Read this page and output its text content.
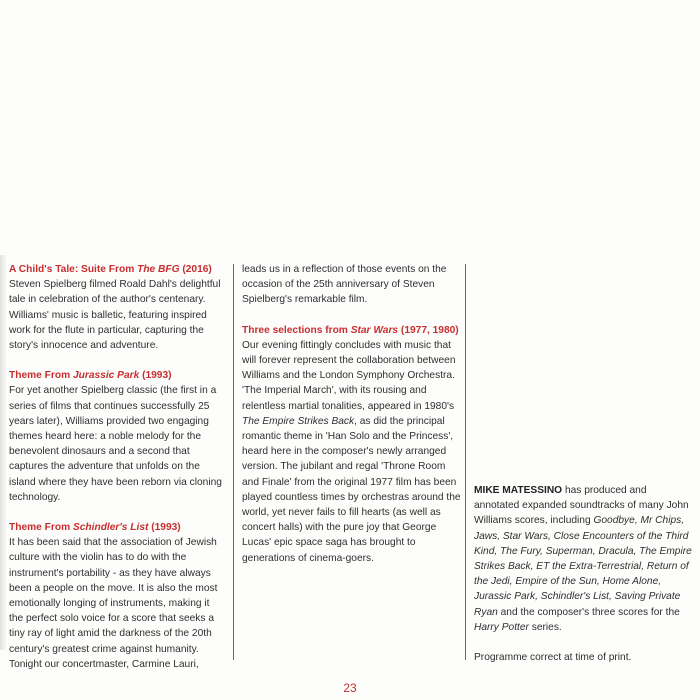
A Child's Tale: Suite From The BFG (2016)

Steven Spielberg filmed Roald Dahl's delightful tale in celebration of the author's centenary. Williams' music is balletic, featuring inspired work for the flute in particular, capturing the story's innocence and adventure.

Theme From Jurassic Park (1993)

For yet another Spielberg classic (the first in a series of films that continues successfully 25 years later), Williams provided two engaging themes heard here: a noble melody for the benevolent dinosaurs and a second that captures the adventure that unfolds on the island where they have been reborn via cloning technology.

Theme From Schindler's List (1993)

It has been said that the association of Jewish culture with the violin has to do with the instrument's portability - as they have always been a people on the move. It is also the most emotionally longing of instruments, making it the perfect solo voice for a score that seeks a tiny ray of light amid the darkness of the 20th century's greatest crime against humanity. Tonight our concertmaster, Carmine Lauri,

leads us in a reflection of those events on the occasion of the 25th anniversary of Steven Spielberg's remarkable film.

Three selections from Star Wars (1977, 1980)

Our evening fittingly concludes with music that will forever represent the collaboration between Williams and the London Symphony Orchestra. 'The Imperial March', with its rousing and relentless martial tonalities, appeared in 1980's The Empire Strikes Back, as did the principal romantic theme in 'Han Solo and the Princess', heard here in the composer's newly arranged version. The jubilant and regal 'Throne Room and Finale' from the original 1977 film has been played countless times by orchestras around the world, yet never fails to fill hearts (as well as concert halls) with the pure joy that George Lucas' epic space saga has brought to generations of cinema-goers.

MIKE MATESSINO has produced and annotated expanded soundtracks of many John Williams scores, including Goodbye, Mr Chips, Jaws, Star Wars, Close Encounters of the Third Kind, The Fury, Superman, Dracula, The Empire Strikes Back, ET the Extra-Terrestrial, Return of the Jedi, Empire of the Sun, Home Alone, Jurassic Park, Schindler's List, Saving Private Ryan and the composer's three scores for the Harry Potter series.

Programme correct at time of print.

23
